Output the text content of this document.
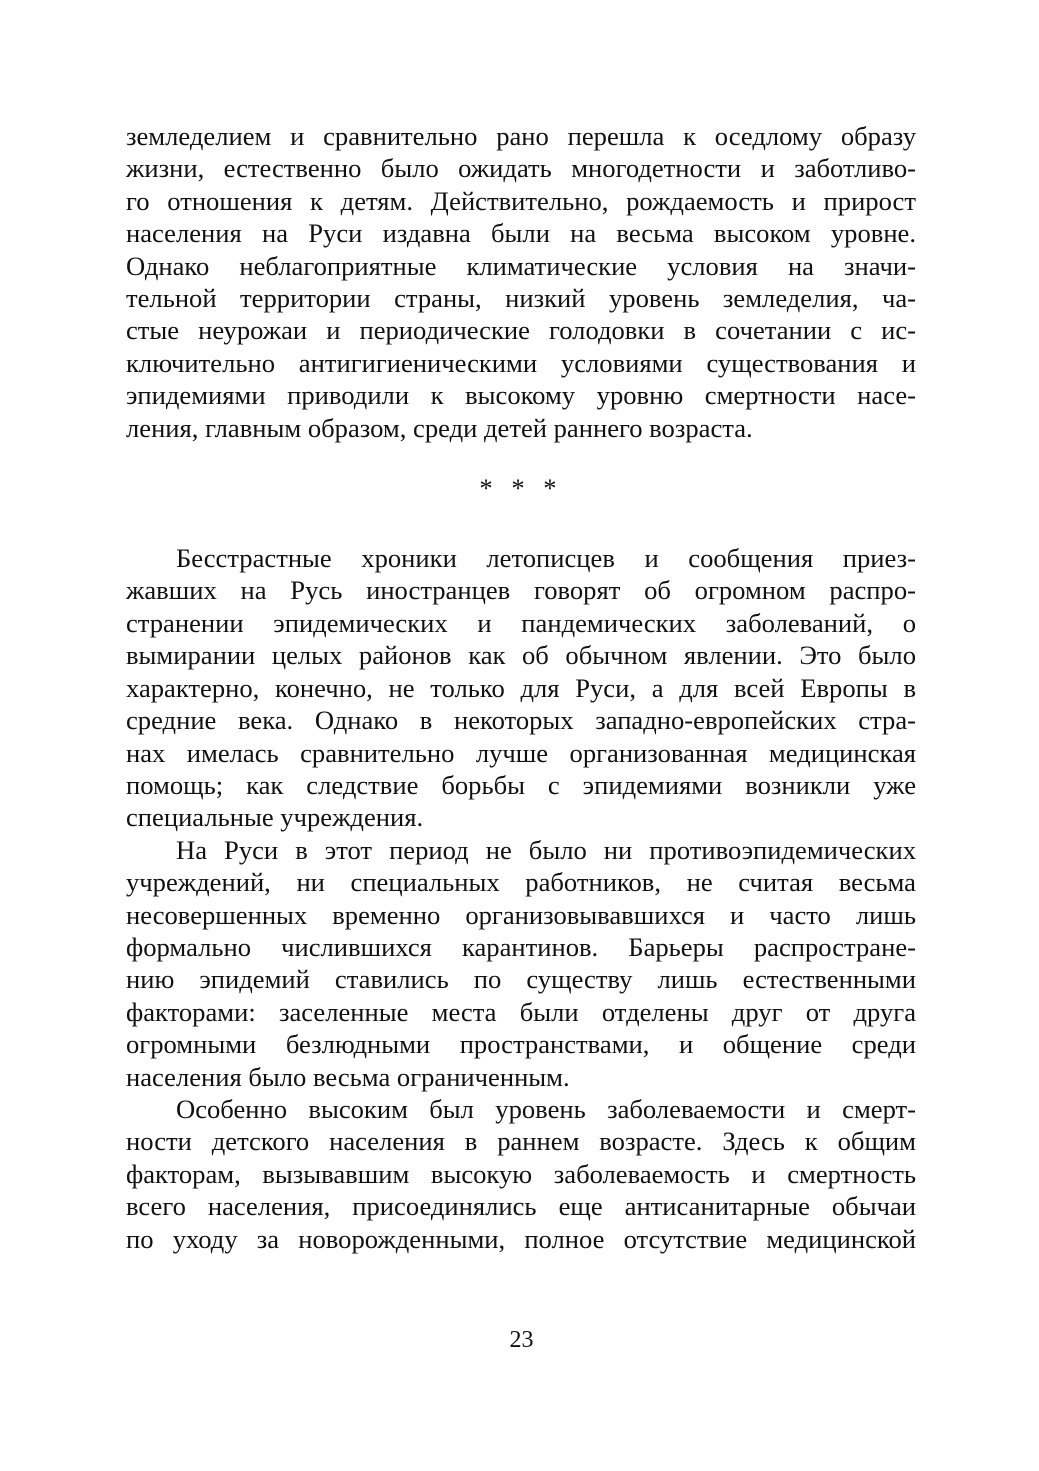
земледелием и сравнительно рано перешла к оседлому образу
жизни, естественно было ожидать многодетности и заботливо-
го отношения к детям. Действительно, рождаемость и прирост
населения на Руси издавна были на весьма высоком уровне.
Однако неблагоприятные климатические условия на значи-
тельной территории страны, низкий уровень земледелия, ча-
стые неурожаи и периодические голодовки в сочетании с ис-
ключительно антигигиеническими условиями существования и
эпидемиями приводили к высокому уровню смертности насе-
ления, главным образом, среди детей раннего возраста.

* * *

Бесстрастные хроники летописцев и сообщения приез-
жавших на Русь иностранцев говорят об огромном распро-
странении эпидемических и пандемических заболеваний, о
вымирании целых районов как об обычном явлении. Это было
характерно, конечно, не только для Руси, а для всей Европы в
средние века. Однако в некоторых западно-европейских стра-
нах имелась сравнительно лучше организованная медицинская
помощь; как следствие борьбы с эпидемиями возникли уже
специальные учреждения.

На Руси в этот период не было ни противоэпидемических
учреждений, ни специальных работников, не считая весьма
несовершенных временно организовывавшихся и часто лишь
формально числившихся карантинов. Барьеры распростране-
нию эпидемий ставились по существу лишь естественными
факторами: заселенные места были отделены друг от друга
огромными безлюдными пространствами, и общение среди
населения было весьма ограниченным.

Особенно высоким был уровень заболеваемости и смерт-
ности детского населения в раннем возрасте. Здесь к общим
факторам, вызывавшим высокую заболеваемость и смертность
всего населения, присоединялись еще антисанитарные обычаи
по уходу за новорожденными, полное отсутствие медицинской

23
